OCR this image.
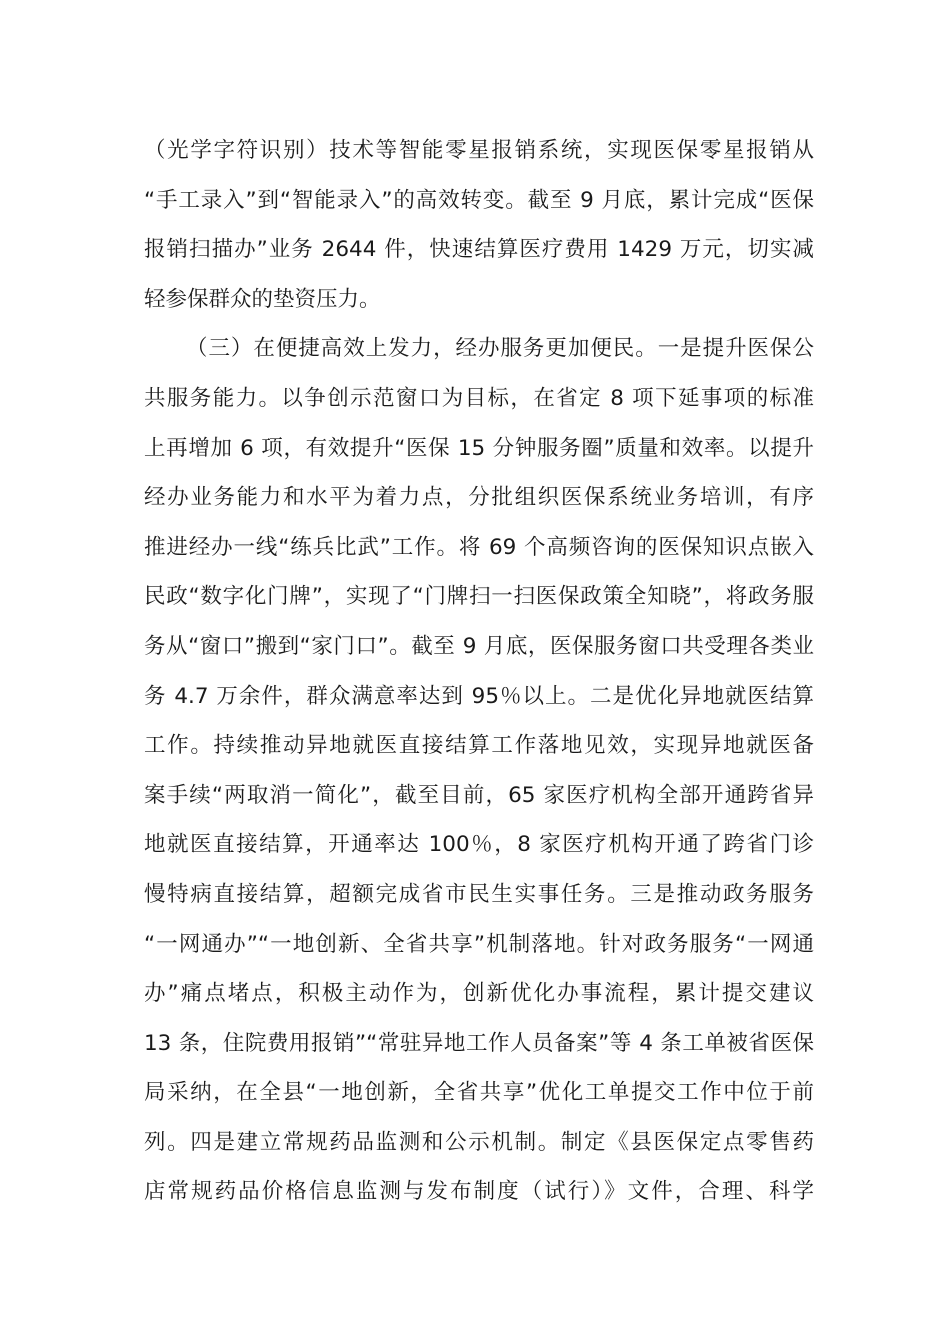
（光学字符识别）技术等智能零星报销系统，实现医保零星报销从
“手工录入”到“智能录入”的高效转变。截至 9 月底，累计完成“医保
报销扫描办”业务 2644 件，快速结算医疗费用 1429 万元，切实减
轻参保群众的垫资压力。
（三）在便捷高效上发力，经办服务更加便民。一是提升医保公
共服务能力。以争创示范窗口为目标，在省定 8 项下延事项的标准
上再增加 6 项，有效提升“医保 15 分钟服务圈”质量和效率。以提升
经办业务能力和水平为着力点，分批组织医保系统业务培训，有序
推进经办一线“练兵比武”工作。将 69 个高频咨询的医保知识点嵌入
民政“数字化门牌”，实现了“门牌扫一扫医保政策全知晓”，将政务服
务从“窗口”搬到“家门口”。截至 9 月底，医保服务窗口共受理各类业
务 4.7 万余件，群众满意率达到 95％以上。二是优化异地就医结算
工作。持续推动异地就医直接结算工作落地见效，实现异地就医备
案手续“两取消一简化”，截至目前，65 家医疗机构全部开通跨省异
地就医直接结算，开通率达 100％，8 家医疗机构开通了跨省门诊
慢特病直接结算，超额完成省市民生实事任务。三是推动政务服务
“一网通办”“一地创新、全省共享”机制落地。针对政务服务“一网通
办”痛点堵点，积极主动作为，创新优化办事流程，累计提交建议
13 条，住院费用报销”“常驻异地工作人员备案”等 4 条工单被省医保
局采纳，在全县“一地创新，全省共享”优化工单提交工作中位于前
列。四是建立常规药品监测和公示机制。制定《县医保定点零售药
店常规药品价格信息监测与发布制度（试行）》文件，合理、科学
